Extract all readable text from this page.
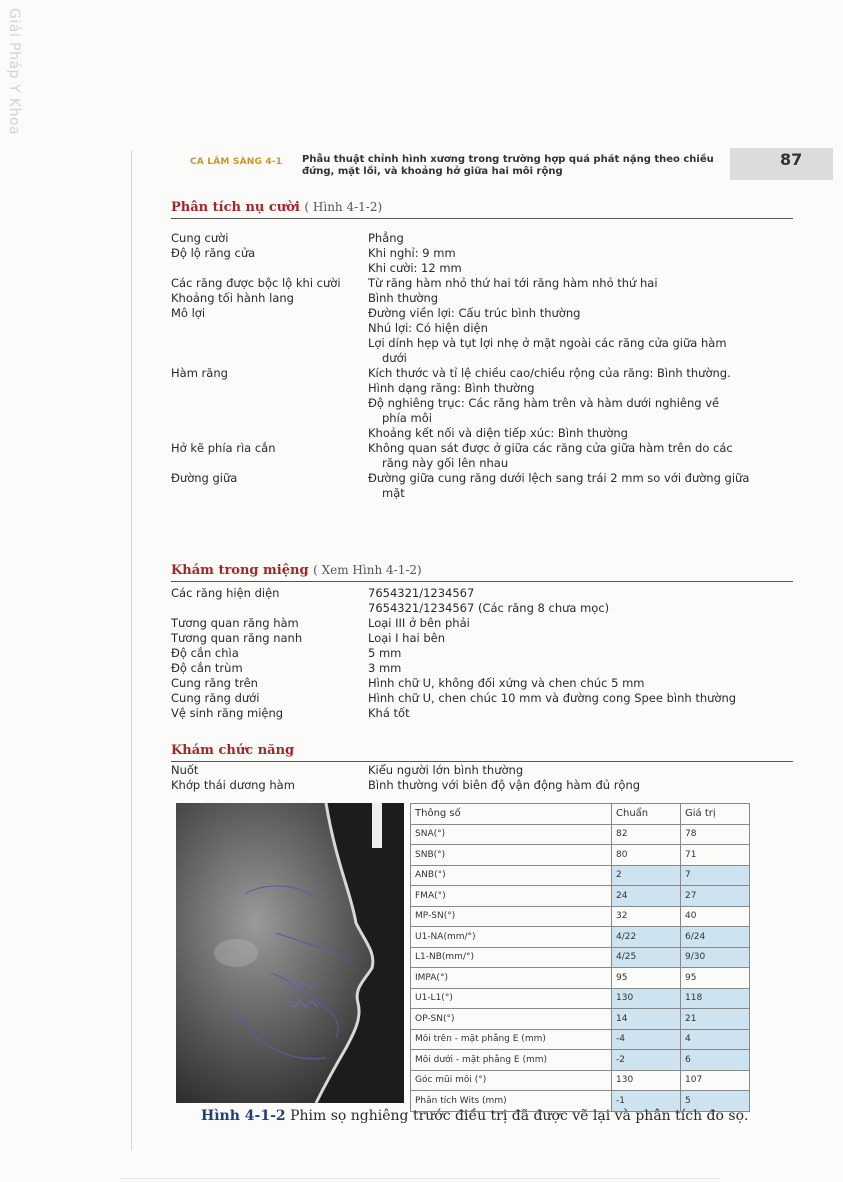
Giải Pháp Y Khoa
CA LÂM SÀNG 4-1 Phẫu thuật chỉnh hình xương trong trường hợp quá phát nặng theo chiều đứng, mặt lồi, và khoảng hở giữa hai môi rộng
87
Phân tích nụ cười ( Hình 4-1-2)
Cung cười	Phẳng
Độ lộ răng cửa	Khi nghỉ: 9 mm
Khi cười: 12 mm
Các răng được bộc lộ khi cười	Từ răng hàm nhỏ thứ hai tới răng hàm nhỏ thứ hai
Khoảng tối hành lang	Bình thường
Mô lợi	Đường viền lợi: Cấu trúc bình thường
Nhú lợi: Có hiện diện
Lợi dính hẹp và tụt lợi nhẹ ở mặt ngoài các răng cửa giữa hàm
dưới
Hàm răng	Kích thước và tỉ lệ chiều cao/chiều rộng của răng: Bình thường.
Hình dạng răng: Bình thường
Độ nghiêng trục: Các răng hàm trên và hàm dưới nghiêng về
phía môi
Khoảng kết nối và diện tiếp xúc: Bình thường
Hở kẽ phía rìa cắn	Không quan sát được ở giữa các răng cửa giữa hàm trên do các
răng này gối lên nhau
Đường giữa	Đường giữa cung răng dưới lệch sang trái 2 mm so với đường giữa
mặt
Khám trong miệng ( Xem Hình 4-1-2)
Các răng hiện diện	7654321/1234567
7654321/1234567 (Các răng 8 chưa mọc)
Tương quan răng hàm	Loại III ở bên phải
Tương quan răng nanh	Loại I hai bên
Độ cắn chìa	5 mm
Độ cắn trùm	3 mm
Cung răng trên	Hình chữ U, không đối xứng và chen chúc 5 mm
Cung răng dưới	Hình chữ U, chen chúc 10 mm và đường cong Spee bình thường
Vệ sinh răng miệng	Khá tốt
Khám chức năng
Nuốt	Kiểu người lớn bình thường
Khớp thái dương hàm	Bình thường với biên độ vận động hàm đủ rộng
Thông số	Chuẩn	Giá trị
SNA(°)	82	78
SNB(°)	80	71
ANB(°)	2	7
FMA(°)	24	27
MP-SN(°)	32	40
U1-NA(mm/°)	4/22	6/24
L1-NB(mm/°)	4/25	9/30
IMPA(°)	95	95
U1-L1(°)	130	118
OP-SN(°)	14	21
Môi trên - mặt phẳng E (mm)	-4	4
Môi dưới - mặt phẳng E (mm)	-2	6
Góc mũi môi (°)	130	107
Phân tích Wits (mm)	-1	5
Hình 4-1-2 Phim sọ nghiêng trước điều trị đã được vẽ lại và phân tích đo sọ.
